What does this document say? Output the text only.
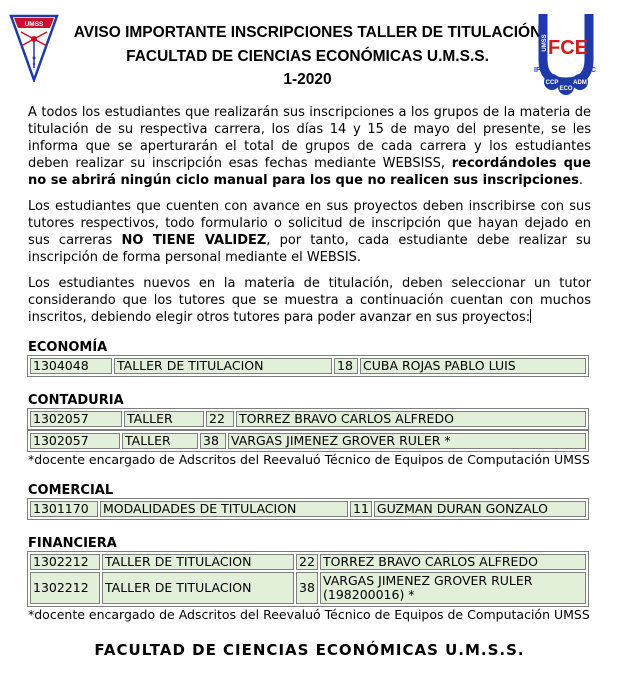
UMSS AVISO IMPORTANTE INSCRIPCIONES TALLER DE TITULACIÓN
FACULTAD DE CIENCIAS ECONÓMICAS U.M.S.S.
1-2020
FCE
UMSS
IF	IC
CCP
ECO
ADM

A todos los estudiantes que realizarán sus inscripciones a los grupos de la materia de titulación de su respectiva carrera, los días 14 y 15 de mayo del presente, se les informa que se aperturarán el total de grupos de cada carrera y los estudiantes deben realizar su inscripción esas fechas mediante WEBSISS, recordándoles que no se abrirá ningún ciclo manual para los que no realicen sus inscripciones.

Los estudiantes que cuenten con avance en sus proyectos deben inscribirse con sus tutores respectivos, todo formulario o solicitud de inscripción que hayan dejado en sus carreras NO TIENE VALIDEZ, por tanto, cada estudiante debe realizar su inscripción de forma personal mediante el WEBSIS.

Los estudiantes nuevos en la materia de titulación, deben seleccionar un tutor considerando que los tutores que se muestra a continuación cuentan con muchos inscritos, debiendo elegir otros tutores para poder avanzar en sus proyectos:

ECONOMÍA
1304048	TALLER DE TITULACION	18	CUBA ROJAS PABLO LUIS
CONTADURIA
1302057	TALLER	22	TORREZ BRAVO CARLOS ALFREDO
1302057	TALLER	38	VARGAS JIMENEZ GROVER RULER *

*docente encargado de Adscritos del Reevaluó Técnico de Equipos de Computación UMSS

COMERCIAL
1301170	MODALIDADES DE TITULACION	11	GUZMAN DURAN GONZALO
FINANCIERA
1302212	TALLER DE TITULACION	22	TORREZ BRAVO CARLOS ALFREDO
1302212	TALLER DE TITULACION	38	VARGAS JIMENEZ GROVER RULER (198200016) *

*docente encargado de Adscritos del Reevaluó Técnico de Equipos de Computación UMSS

FACULTAD DE CIENCIAS ECONÓMICAS U.M.S.S.
